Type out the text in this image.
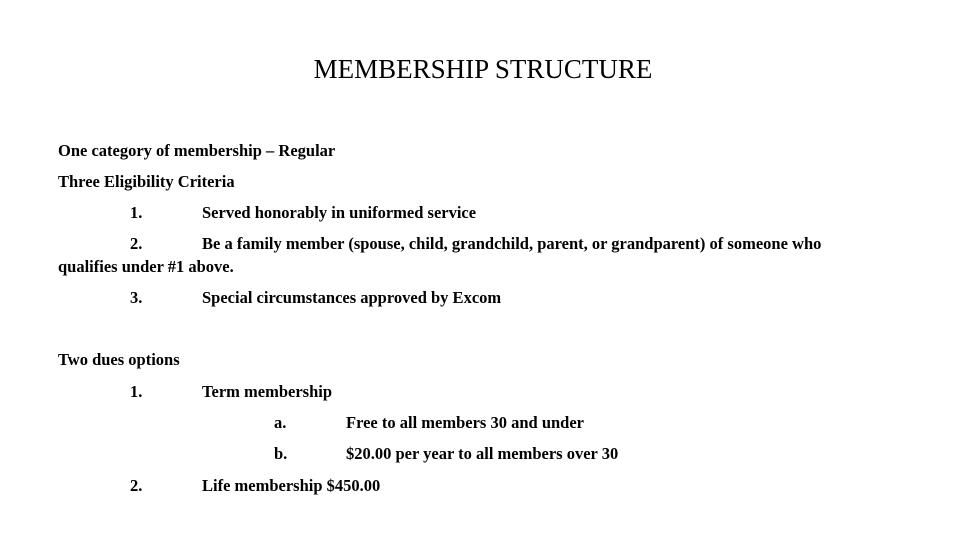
MEMBERSHIP STRUCTURE
One category of membership – Regular
Three Eligibility Criteria
1.	Served honorably in uniformed service
2.	Be a family member (spouse, child, grandchild, parent, or grandparent) of someone who
qualifies under #1 above.
3.	Special circumstances approved by Excom
Two dues options
1.	Term membership
a.	Free to all members 30 and under
b.	$20.00 per year to all members over 30
2.	Life membership $450.00
